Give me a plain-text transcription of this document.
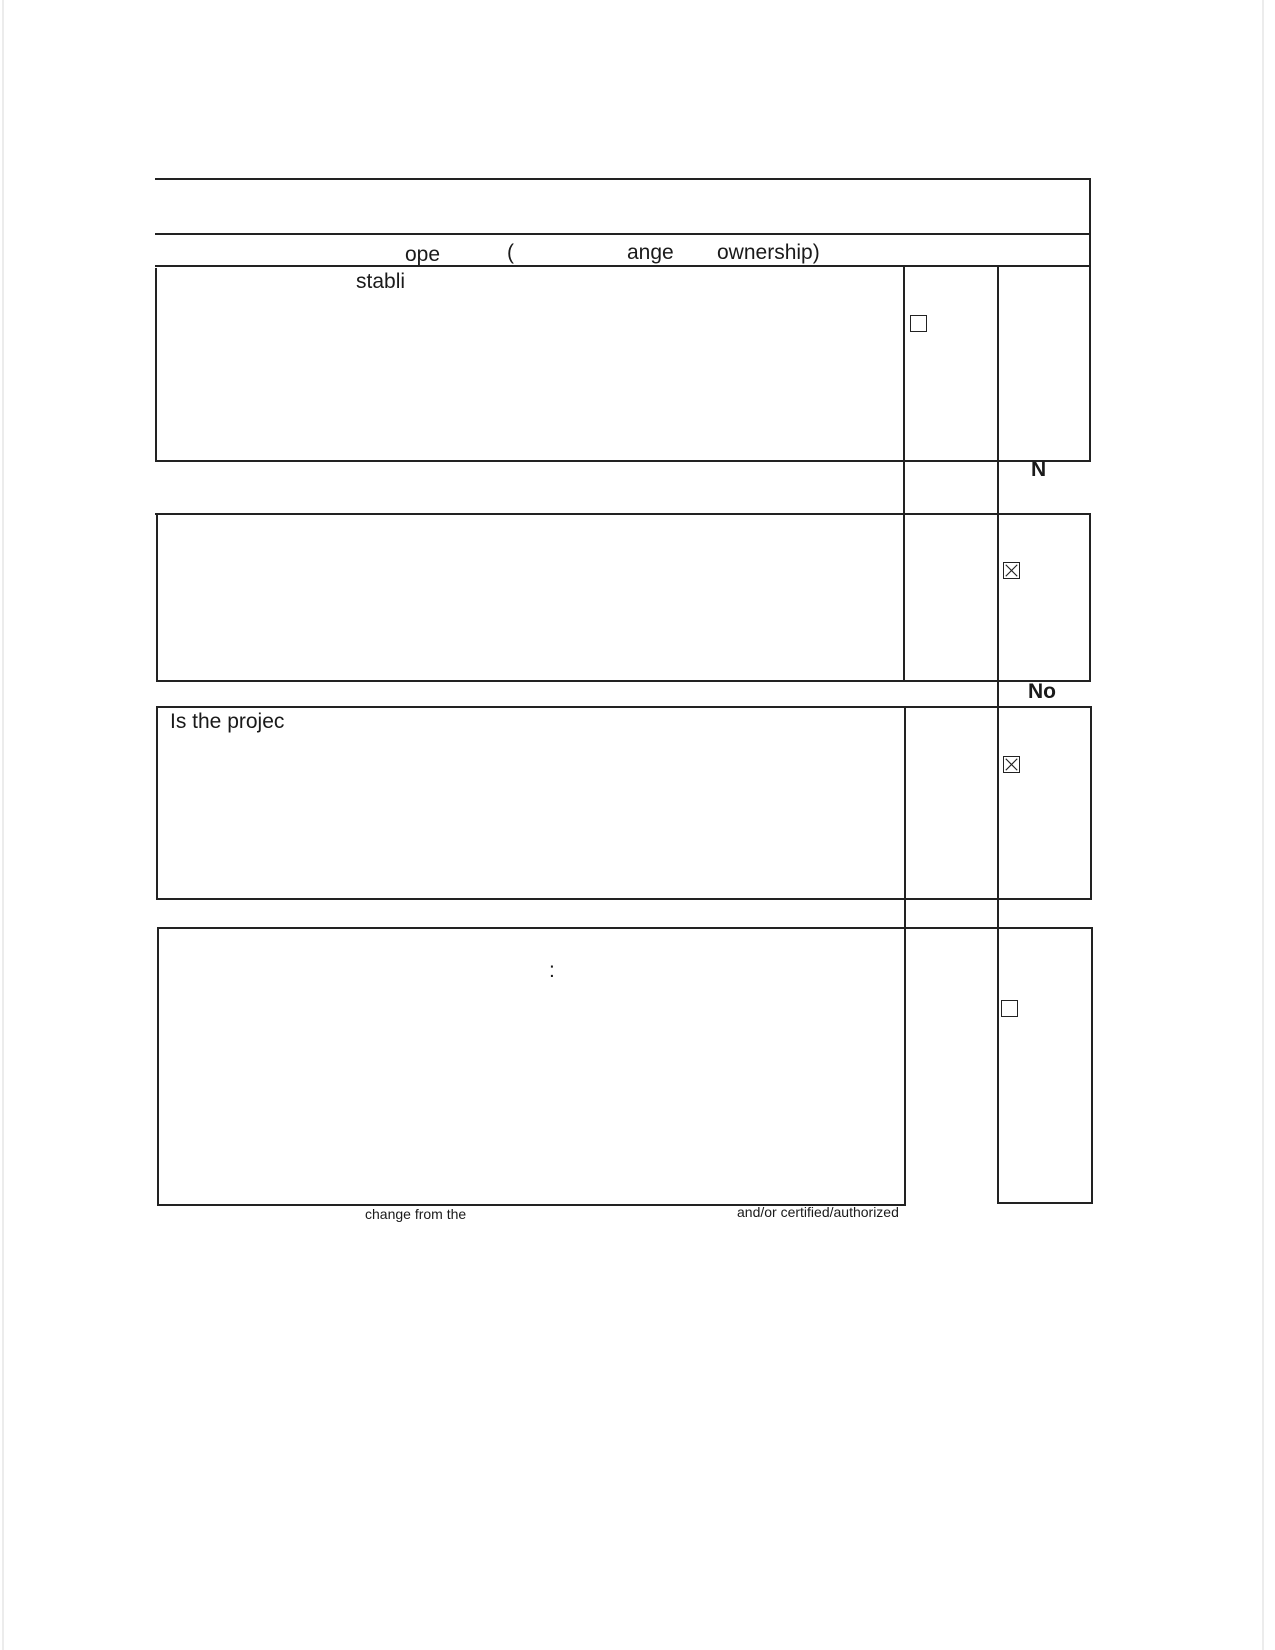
ope	(	ange ownership)
stabli
N
No
Is the projec
:
change from the	and/or certified/authorized
